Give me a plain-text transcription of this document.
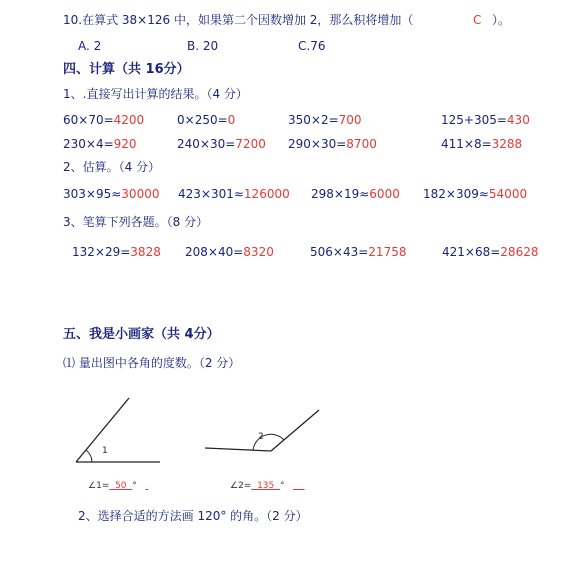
10.在算式 38×126 中，如果第二个因数增加 2，那么积将增加（	C ）。
A. 2	B. 20	C.76
四、计算（共 16分）
1、.直接写出计算的结果。（4 分）
60×70=4200	0×250=0	350×2=700	125+305=430
230×4=920	240×30=7200 290×30=8700	411×8=3288
2、估算。（4 分）
303×95≈30000 423×301≈126000 298×19≈6000 182×309≈54000
3、笔算下列各题。（8 分）
132×29=3828 208×40=8320	506×43=21758	421×68=28628
五、我是小画家（共 4分）
⑴ 量出图中各角的度数。（2 分）
1
2
∠1= 50 °	∠2= 135 °
2、选择合适的方法画 120° 的角。（2 分）
